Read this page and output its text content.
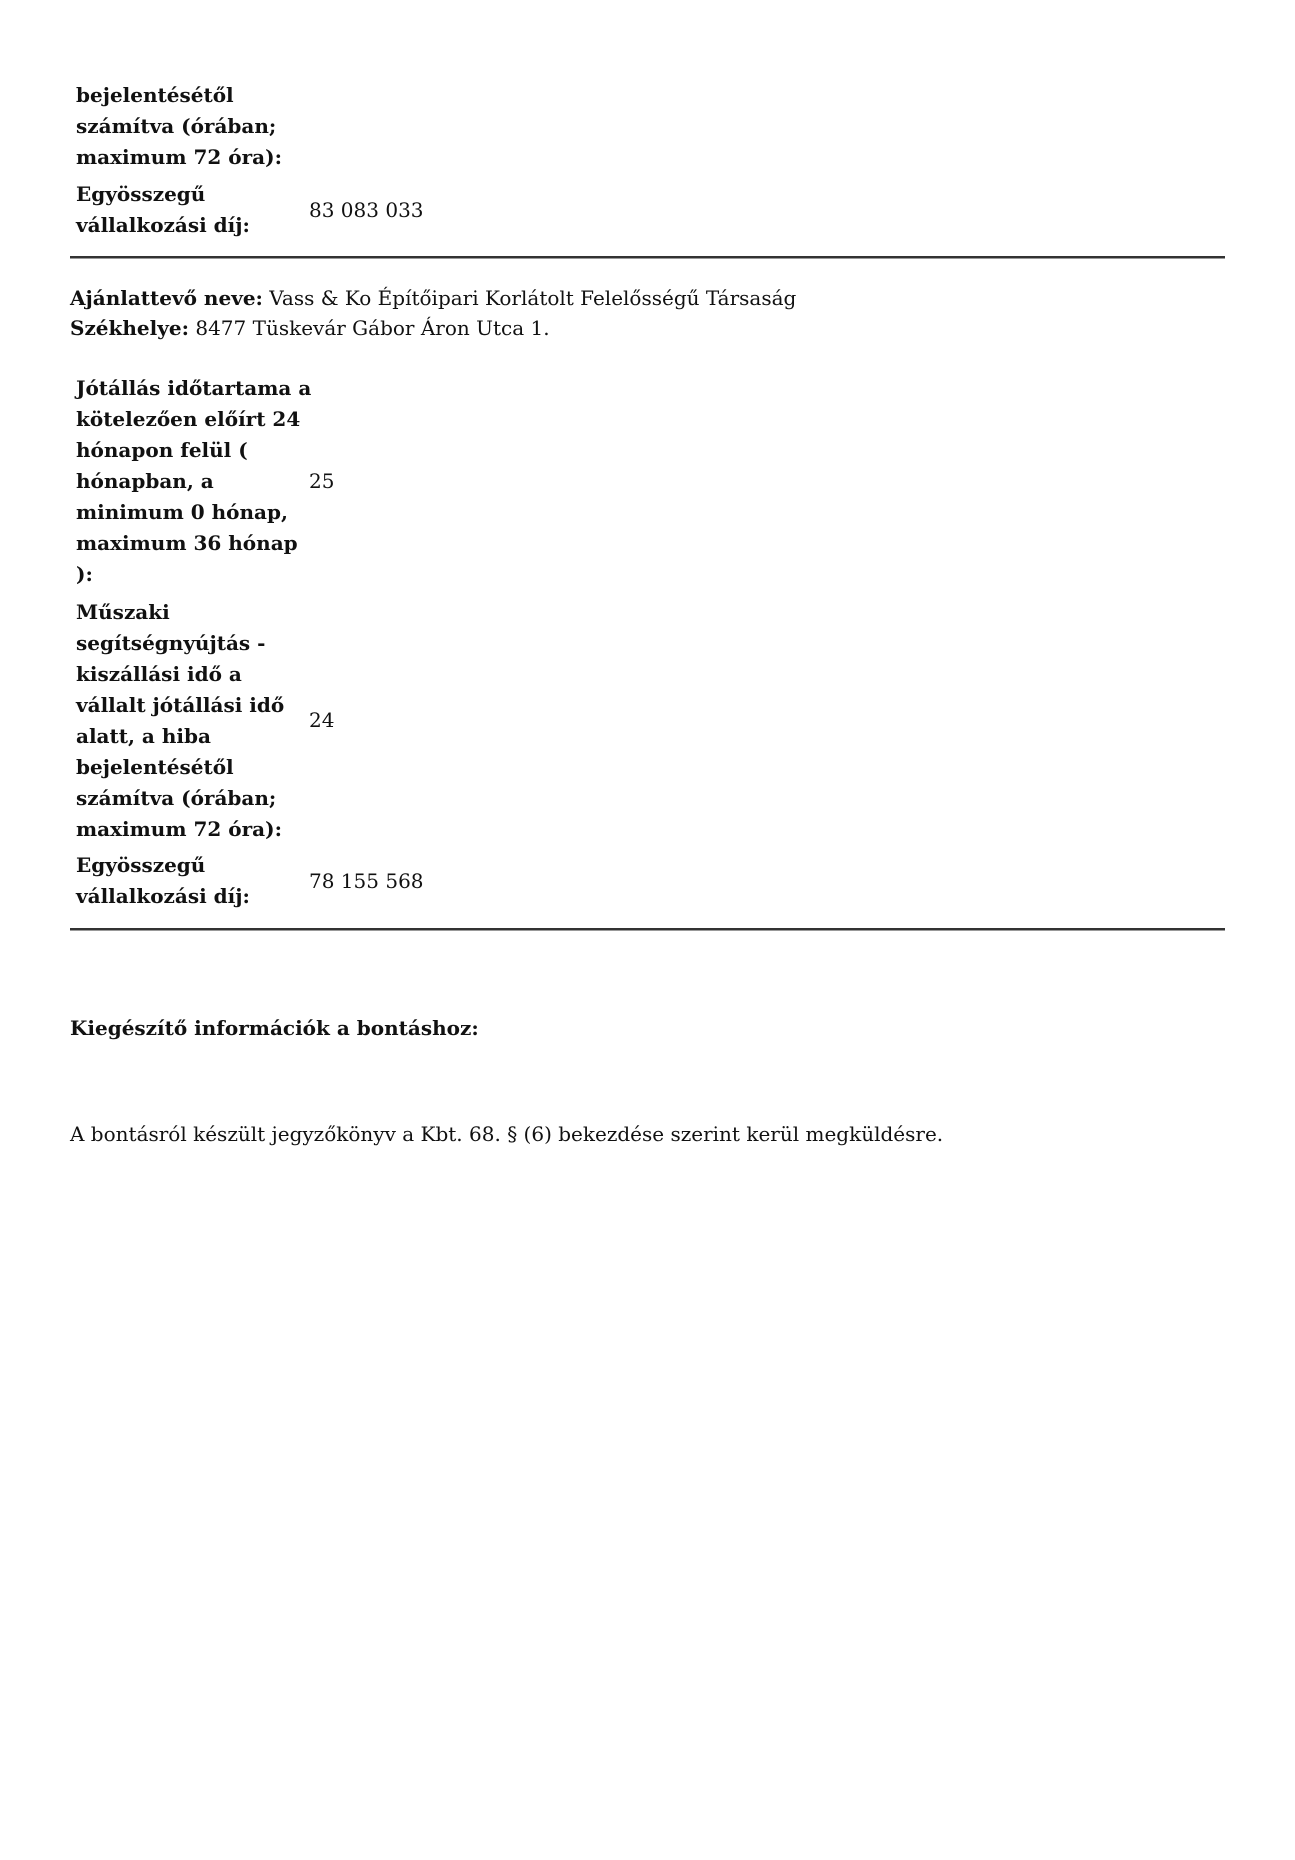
bejelentésétől számítva (órában; maximum 72 óra):
Egyösszegű vállalkozási díj:
83 083 033
Ajánlattevő neve: Vass & Ko Építőipari Korlátolt Felelősségű Társaság
Székhelye: 8477 Tüskevár Gábor Áron Utca 1.
Jótállás időtartama a kötelezően előírt 24 hónapon felül ( hónapban, a minimum 0 hónap, maximum 36 hónap ):
25
Műszaki segítségnyújtás - kiszállási idő a vállalt jótállási idő alatt, a hiba bejelentésétől számítva (órában; maximum 72 óra):
24
Egyösszegű vállalkozási díj:
78 155 568
Kiegészítő információk a bontáshoz:
A bontásról készült jegyzőkönyv a Kbt. 68. § (6) bekezdése szerint kerül megküldésre.
